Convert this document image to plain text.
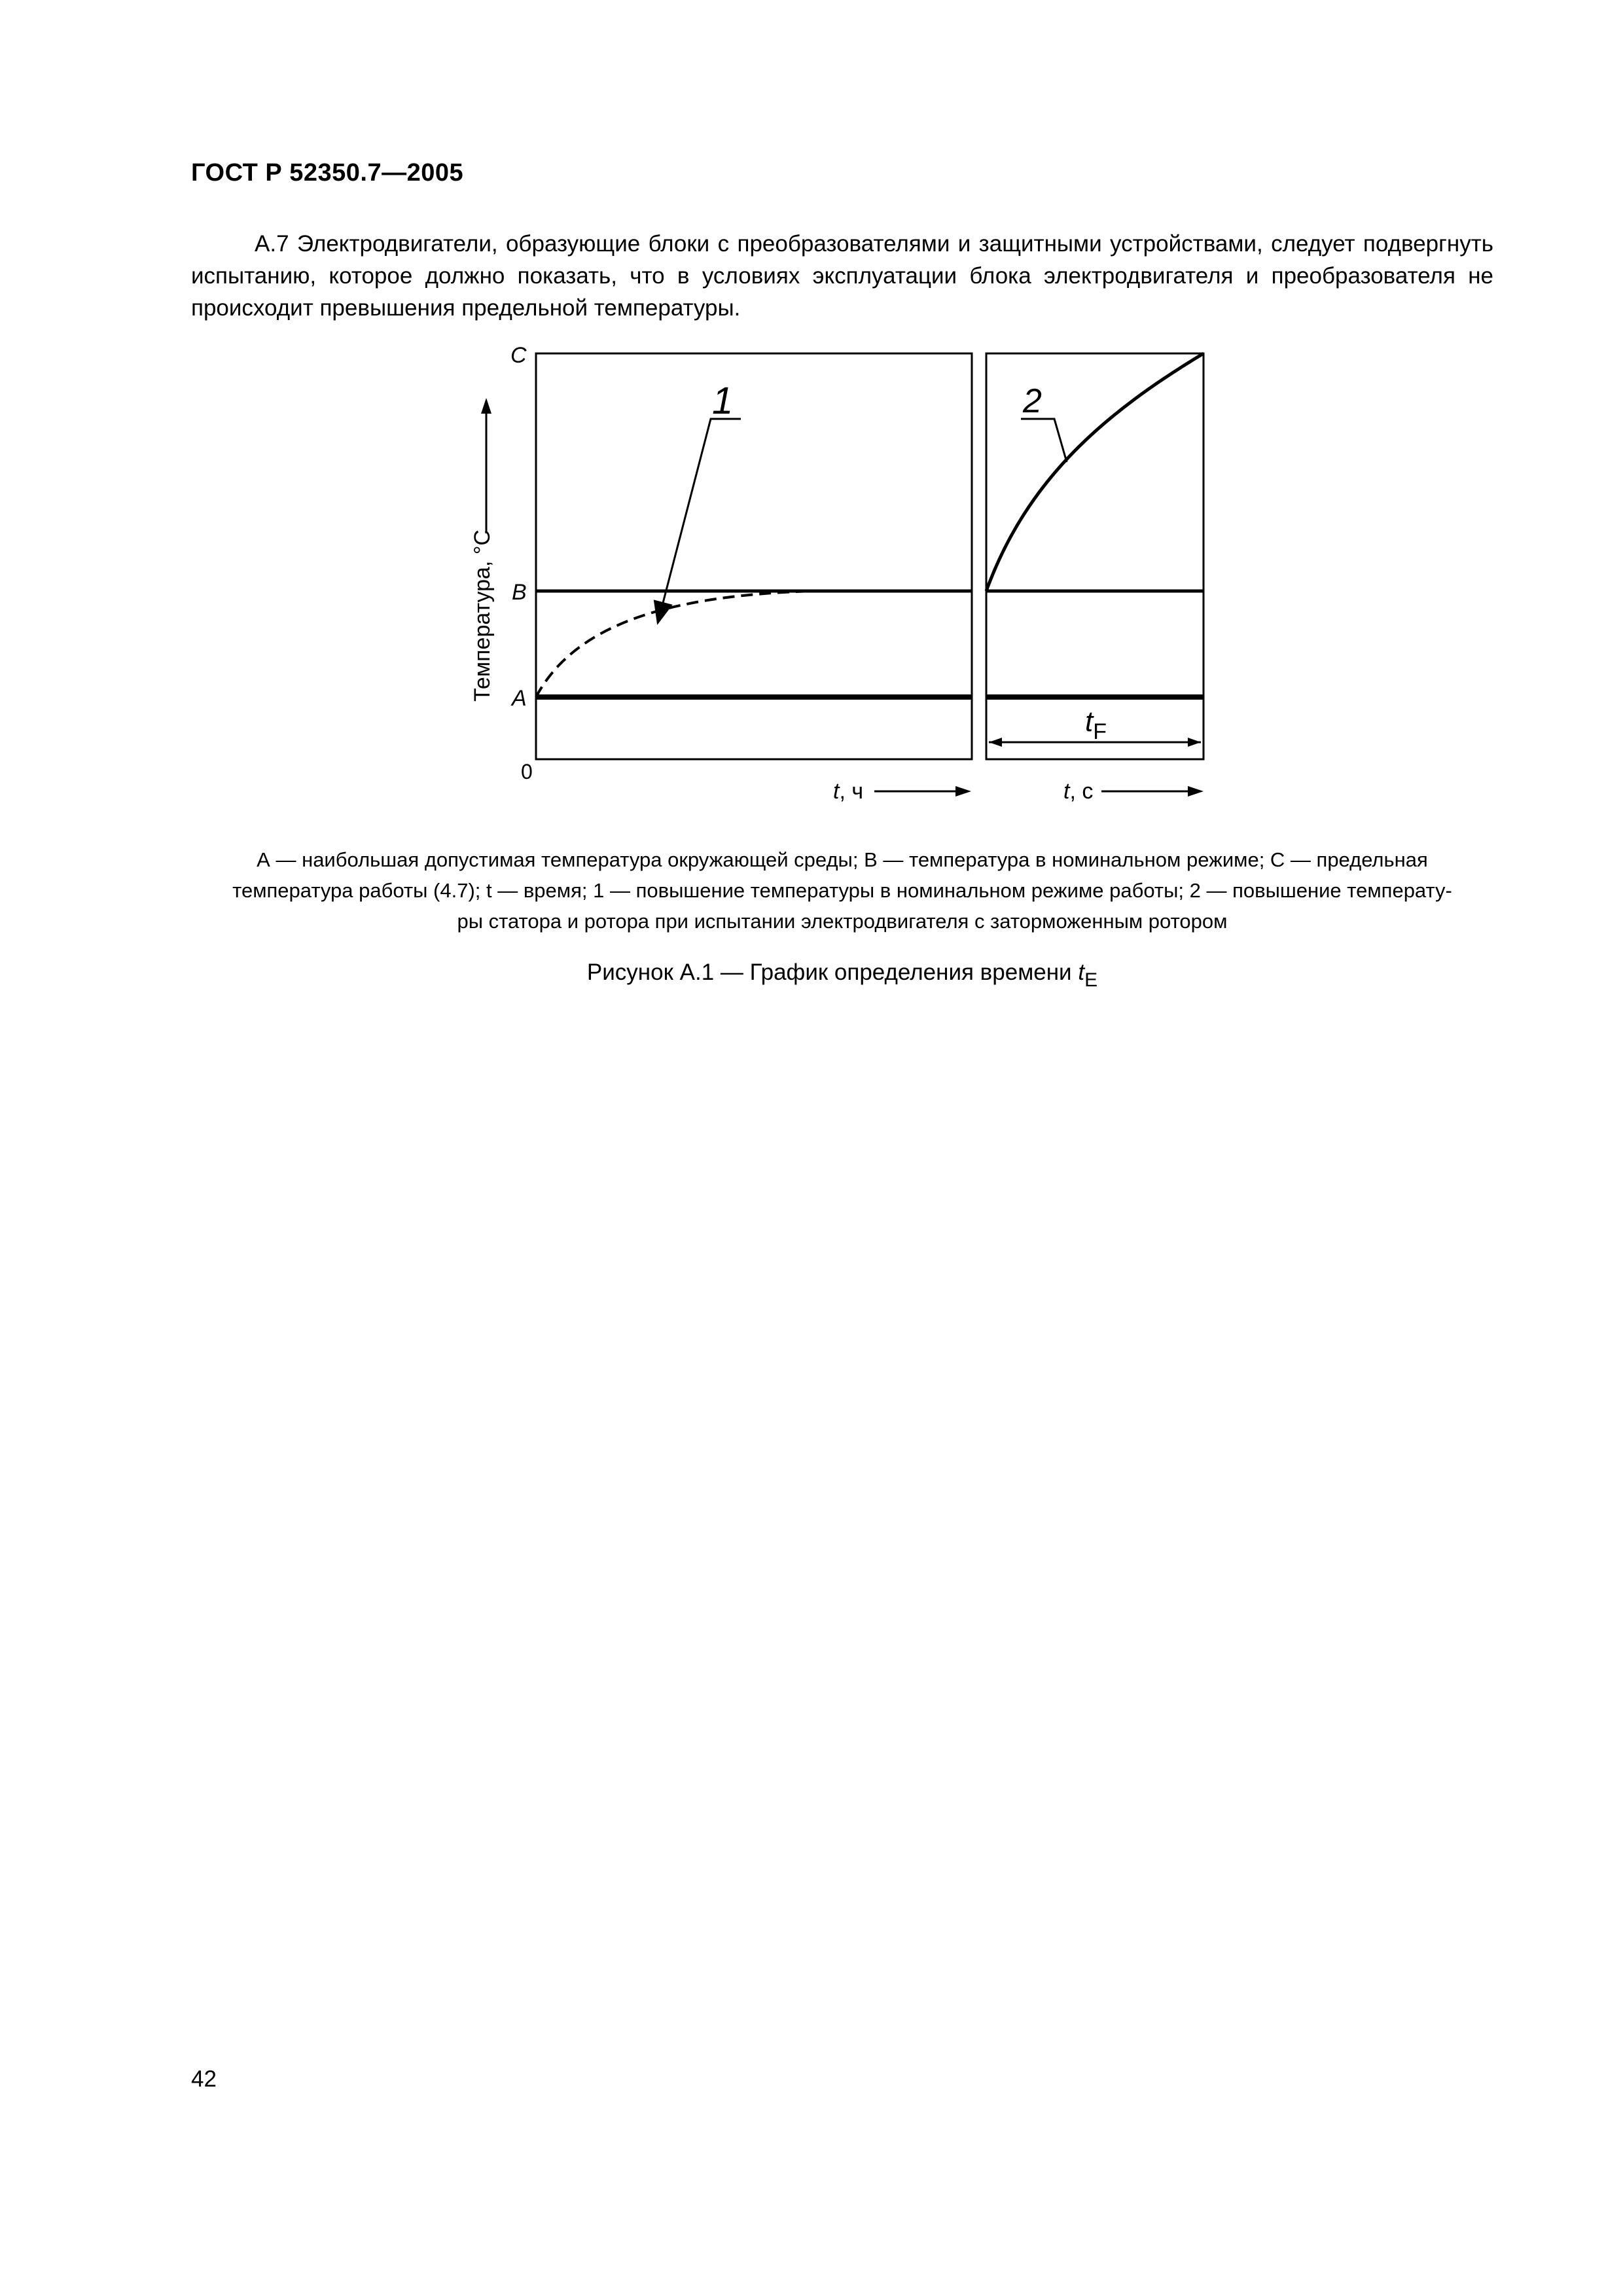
ГОСТ Р 52350.7—2005
А.7 Электродвигатели, образующие блоки с преобразователями и защитными устройствами, следует подвергнуть испытанию, которое должно показать, что в условиях эксплуатации блока электродвигателя и преобразователя не происходит превышения предельной температуры.
1	2
$t_F$
С
В
А
0
Температура, °С
t, ч	t, с
А — наибольшая допустимая температура окружающей среды; В — температура в номинальном режиме; С — предельная
температура работы (4.7); t — время; 1 — повышение температуры в номинальном режиме работы; 2 — повышение температу-
ры статора и ротора при испытании электродвигателя с заторможенным ротором
Рисунок А.1 — График определения времени $t_E$
42
